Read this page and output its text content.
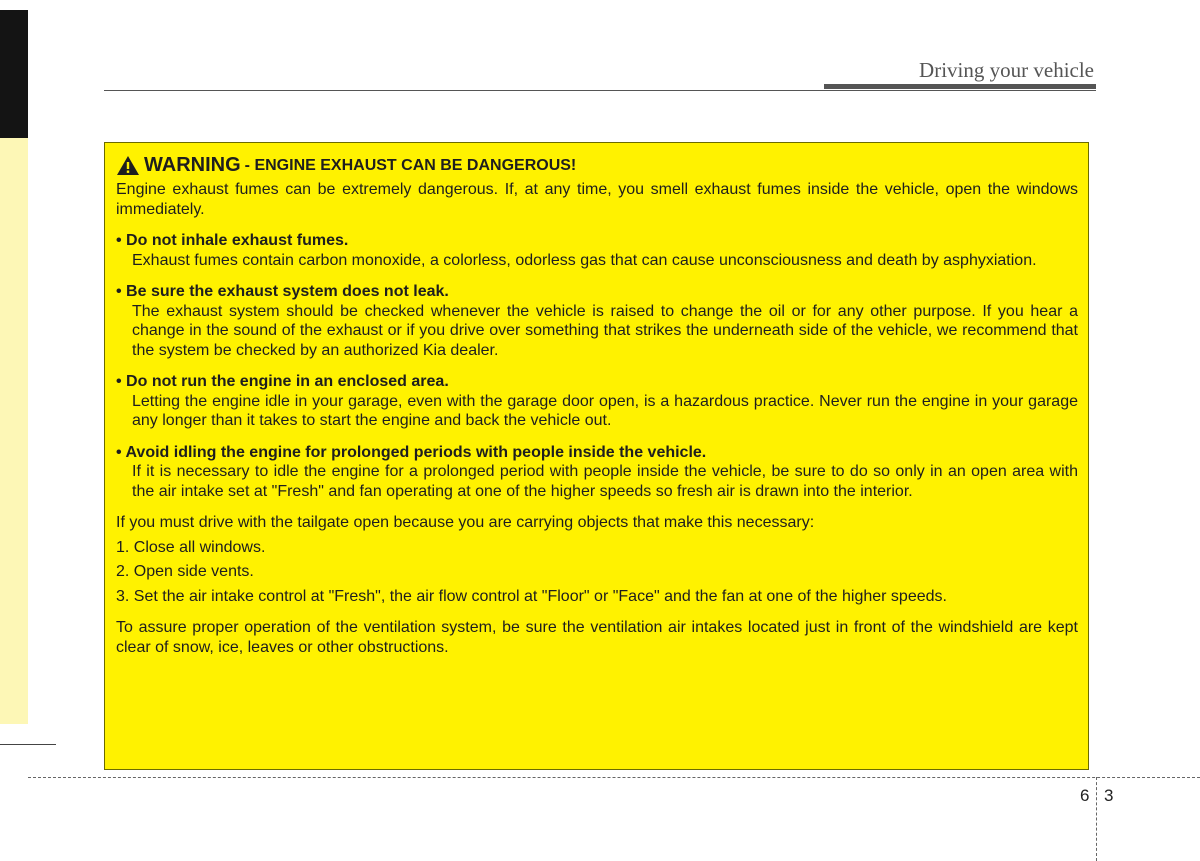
Driving your vehicle
WARNING - ENGINE EXHAUST CAN BE DANGEROUS!

Engine exhaust fumes can be extremely dangerous. If, at any time, you smell exhaust fumes inside the vehicle, open the windows immediately.

• Do not inhale exhaust fumes.

Exhaust fumes contain carbon monoxide, a colorless, odorless gas that can cause unconsciousness and death by asphyxiation.

• Be sure the exhaust system does not leak.

The exhaust system should be checked whenever the vehicle is raised to change the oil or for any other purpose. If you hear a change in the sound of the exhaust or if you drive over something that strikes the underneath side of the vehicle, we recommend that the system be checked by an authorized Kia dealer.

• Do not run the engine in an enclosed area.

Letting the engine idle in your garage, even with the garage door open, is a hazardous practice. Never run the engine in your garage any longer than it takes to start the engine and back the vehicle out.

• Avoid idling the engine for prolonged periods with people inside the vehicle.

If it is necessary to idle the engine for a prolonged period with people inside the vehicle, be sure to do so only in an open area with the air intake set at "Fresh" and fan operating at one of the higher speeds so fresh air is drawn into the interior.

If you must drive with the tailgate open because you are carrying objects that make this necessary:

1. Close all windows.

2. Open side vents.

3. Set the air intake control at "Fresh", the air flow control at "Floor" or "Face" and the fan at one of the higher speeds.

To assure proper operation of the ventilation system, be sure the ventilation air intakes located just in front of the windshield are kept clear of snow, ice, leaves or other obstructions.

6 3
